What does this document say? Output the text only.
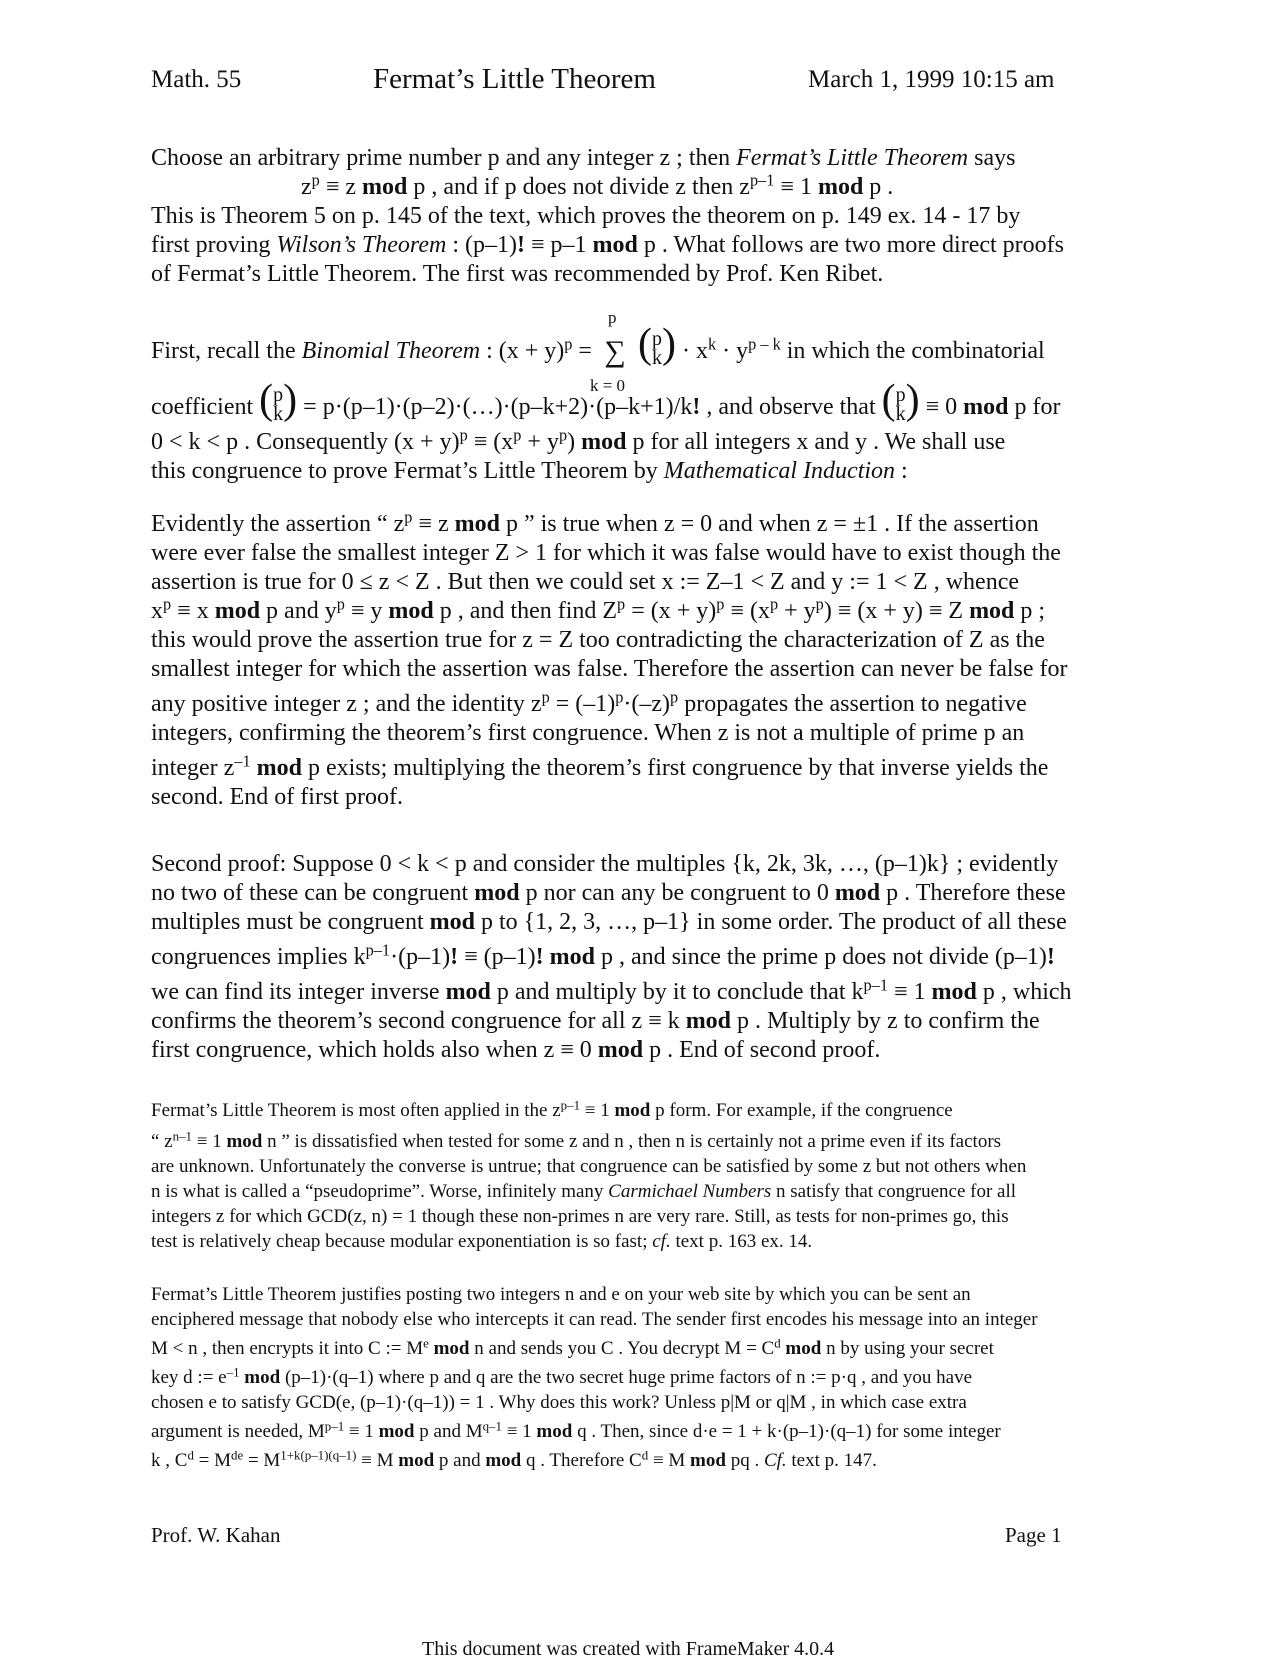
Math. 55	Fermat’s Little Theorem	March 1, 1999 10:15 am
Choose an arbitrary prime number p and any integer z ; then Fermat’s Little Theorem says
$z^p \equiv z$ mod p , and if p does not divide z then $z^{p-1} \equiv 1$ mod p .
This is Theorem 5 on p. 145 of the text, which proves the theorem on p. 149 ex. 14 - 17 by
first proving Wilson’s Theorem : (p–1)! ≡ p–1 mod p . What follows are two more direct proofs
of Fermat’s Little Theorem. The first was recommended by Prof. Ken Ribet.
First, recall the Binomial Theorem : $(x + y)^p$ =
p
∑
k = 0

( p
k ) · $x^k \cdot y^{p - k}$ in which the combinatorial
coefficient ( p
k ) = p·(p–1)·(p–2)·(…)·(p–k+2)·(p–k+1)/k! , and observe that ( p
k ) ≡ 0 mod p for
0 < k < p . Consequently $(x + y)^p \equiv (x^p + y^p)$ mod p for all integers x and y . We shall use
this congruence to prove Fermat’s Little Theorem by Mathematical Induction :
Evidently the assertion “ $z^p \equiv z$ mod p ” is true when z = 0 and when z = ±1 . If the assertion
were ever false the smallest integer Z > 1 for which it was false would have to exist though the
assertion is true for 0 ≤ z < Z . But then we could set x := Z–1 < Z and y := 1 < Z , whence
$x^p \equiv x$ mod p and $y^p \equiv y$ mod p , and then find $Z^p = (x + y)^p \equiv (x^p + y^p) \equiv (x + y) \equiv Z$ mod p ;
this would prove the assertion true for z = Z too contradicting the characterization of Z as the
smallest integer for which the assertion was false. Therefore the assertion can never be false for
any positive integer z ; and the identity $z^p = (-1)^p\cdot(-z)^p$ propagates the assertion to negative
integers, confirming the theorem’s first congruence. When z is not a multiple of prime p an
integer $z^{-1}$ mod p exists; multiplying the theorem’s first congruence by that inverse yields the
second. End of first proof.
Second proof: Suppose 0 < k < p and consider the multiples {k, 2k, 3k, …, (p–1)k} ; evidently
no two of these can be congruent mod p nor can any be congruent to 0 mod p . Therefore these
multiples must be congruent mod p to {1, 2, 3, …, p–1} in some order. The product of all these
congruences implies $k^{p-1}\cdot(p-1)$! ≡ (p–1)! mod p , and since the prime p does not divide (p–1)!
we can find its integer inverse mod p and multiply by it to conclude that $k^{p-1} \equiv 1$ mod p , which
confirms the theorem’s second congruence for all z ≡ k mod p . Multiply by z to confirm the
first congruence, which holds also when z ≡ 0 mod p . End of second proof.
Fermat’s Little Theorem is most often applied in the $z^{p-1} \equiv 1$ mod p form. For example, if the congruence
“ $z^{n-1} \equiv 1$ mod n ” is dissatisfied when tested for some z and n , then n is certainly not a prime even if its factors
are unknown. Unfortunately the converse is untrue; that congruence can be satisfied by some z but not others when
n is what is called a “pseudoprime”. Worse, infinitely many Carmichael Numbers n satisfy that congruence for all
integers z for which GCD(z, n) = 1 though these non-primes n are very rare. Still, as tests for non-primes go, this
test is relatively cheap because modular exponentiation is so fast; cf. text p. 163 ex. 14.
Fermat’s Little Theorem justifies posting two integers n and e on your web site by which you can be sent an
enciphered message that nobody else who intercepts it can read. The sender first encodes his message into an integer
M < n , then encrypts it into C := $M^e$ mod n and sends you C . You decrypt $M = C^d$ mod n by using your secret
key d := $e^{-1}$ mod (p–1)·(q–1) where p and q are the two secret huge prime factors of n := p·q , and you have
chosen e to satisfy GCD(e, (p–1)·(q–1)) = 1 . Why does this work? Unless p|M or q|M , in which case extra
argument is needed, $M^{p-1} \equiv 1$ mod p and $M^{q-1} \equiv 1$ mod q . Then, since d·e = 1 + k·(p–1)·(q–1) for some integer
k , $C^d = Mde = M^{1+k(p-1)(q-1)} \equiv M$ mod p and mod q . Therefore $C^d \equiv M$ mod pq . Cf. text p. 147.
Prof. W. Kahan	Page 1
This document was created with FrameMaker 4.0.4
